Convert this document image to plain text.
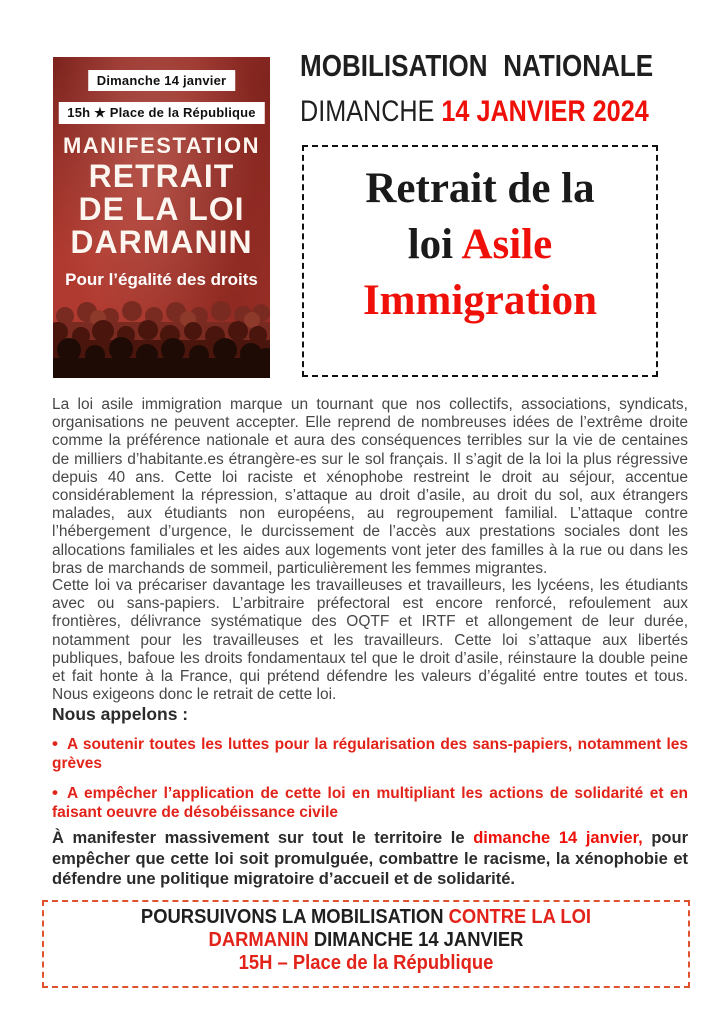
Dimanche 14 janvier
15h ★ Place de la République
MANIFESTATION
RETRAIT
DE LA LOI
DARMANIN
Pour l’égalité des droits
MOBILISATION NATIONALE
DIMANCHE 14 JANVIER 2024
Retrait de la
loi Asile
Immigration

La loi asile immigration marque un tournant que nos collectifs, associations, syndicats, organisations ne peuvent accepter. Elle reprend de nombreuses idées de l’extrême droite comme la préférence nationale et aura des conséquences terribles sur la vie de centaines de milliers d’habitante.es étrangère-es sur le sol français. Il s’agit de la loi la plus régressive depuis 40 ans. Cette loi raciste et xénophobe restreint le droit au séjour, accentue considérablement la répression, s’attaque au droit d’asile, au droit du sol, aux étrangers malades, aux étudiants non européens, au regroupement familial. L’attaque contre l’hébergement d’urgence, le durcissement de l’accès aux prestations sociales dont les allocations familiales et les aides aux logements vont jeter des familles à la rue ou dans les bras de marchands de sommeil, particulièrement les femmes migrantes.

Cette loi va précariser davantage les travailleuses et travailleurs, les lycéens, les étudiants avec ou sans-papiers. L’arbitraire préfectoral est encore renforcé, refoulement aux frontières, délivrance systématique des OQTF et IRTF et allongement de leur durée, notamment pour les travailleuses et les travailleurs. Cette loi s’attaque aux libertés publiques, bafoue les droits fondamentaux tel que le droit d’asile, réinstaure la double peine et fait honte à la France, qui prétend défendre les valeurs d’égalité entre toutes et tous. Nous exigeons donc le retrait de cette loi.

Nous appelons :

• A soutenir toutes les luttes pour la régularisation des sans-papiers, notamment les grèves

• A empêcher l’application de cette loi en multipliant les actions de solidarité et en faisant oeuvre de désobéissance civile

À manifester massivement sur tout le territoire le dimanche 14 janvier, pour empêcher que cette loi soit promulguée, combattre le racisme, la xénophobie et défendre une politique migratoire d’accueil et de solidarité.

POURSUIVONS LA MOBILISATION CONTRE LA LOI
DARMANIN DIMANCHE 14 JANVIER
15H – Place de la République
